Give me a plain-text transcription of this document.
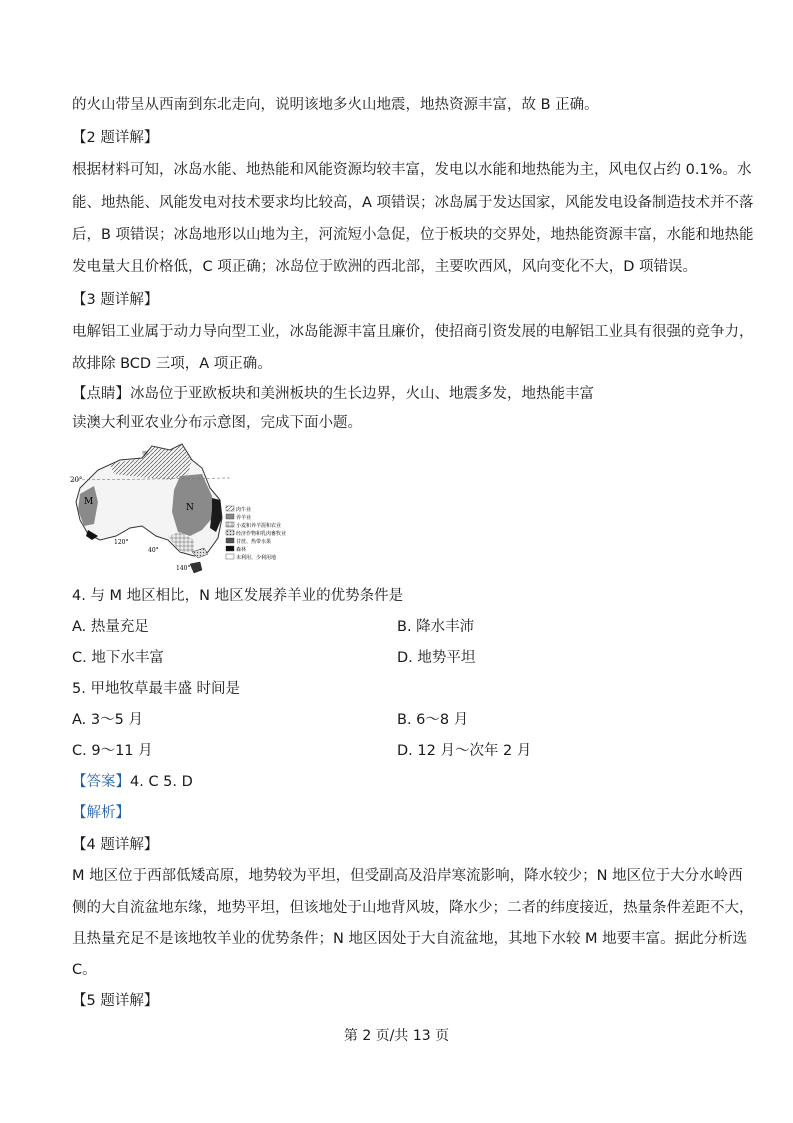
的火山带呈从西南到东北走向，说明该地多火山地震，地热资源丰富，故 B 正确。
【2 题详解】
根据材料可知，冰岛水能、地热能和风能资源均较丰富，发电以水能和地热能为主，风电仅占约 0.1%。水
能、地热能、风能发电对技术要求均比较高，A 项错误；冰岛属于发达国家，风能发电设备制造技术并不落
后，B 项错误；冰岛地形以山地为主，河流短小急促，位于板块的交界处，地热能资源丰富，水能和地热能
发电量大且价格低，C 项正确；冰岛位于欧洲的西北部，主要吹西风，风向变化不大，D 项错误。
【3 题详解】
电解铝工业属于动力导向型工业，冰岛能源丰富且廉价，使招商引资发展的电解铝工业具有很强的竞争力，
故排除 BCD 三项，A 项正确。
【点睛】冰岛位于亚欧板块和美洲板块的生长边界，火山、地震多发，地热能丰富
读澳大利亚农业分布示意图，完成下面小题。
20°
M
N
甲
120°
40°
140°
肉牛业
养羊业
小麦和养羊混和农业
经济作物和乳肉畜牧业
甘蔗、热带水果
森林
未利用、少利用地
4. 与 M 地区相比，N 地区发展养羊业的优势条件是
A. 热量充足	B. 降水丰沛
C. 地下水丰富	D. 地势平坦
5. 甲地牧草最丰盛 时间是
A. 3～5 月	B. 6～8 月
C. 9～11 月	D. 12 月～次年 2 月
【答案】4. C 5. D
【解析】
【4 题详解】
M 地区位于西部低矮高原，地势较为平坦，但受副高及沿岸寒流影响，降水较少；N 地区位于大分水岭西
侧的大自流盆地东缘，地势平坦，但该地处于山地背风坡，降水少；二者的纬度接近，热量条件差距不大，
且热量充足不是该地牧羊业的优势条件；N 地区因处于大自流盆地，其地下水较 M 地要丰富。据此分析选
C。
【5 题详解】
第 2 页/共 13 页
